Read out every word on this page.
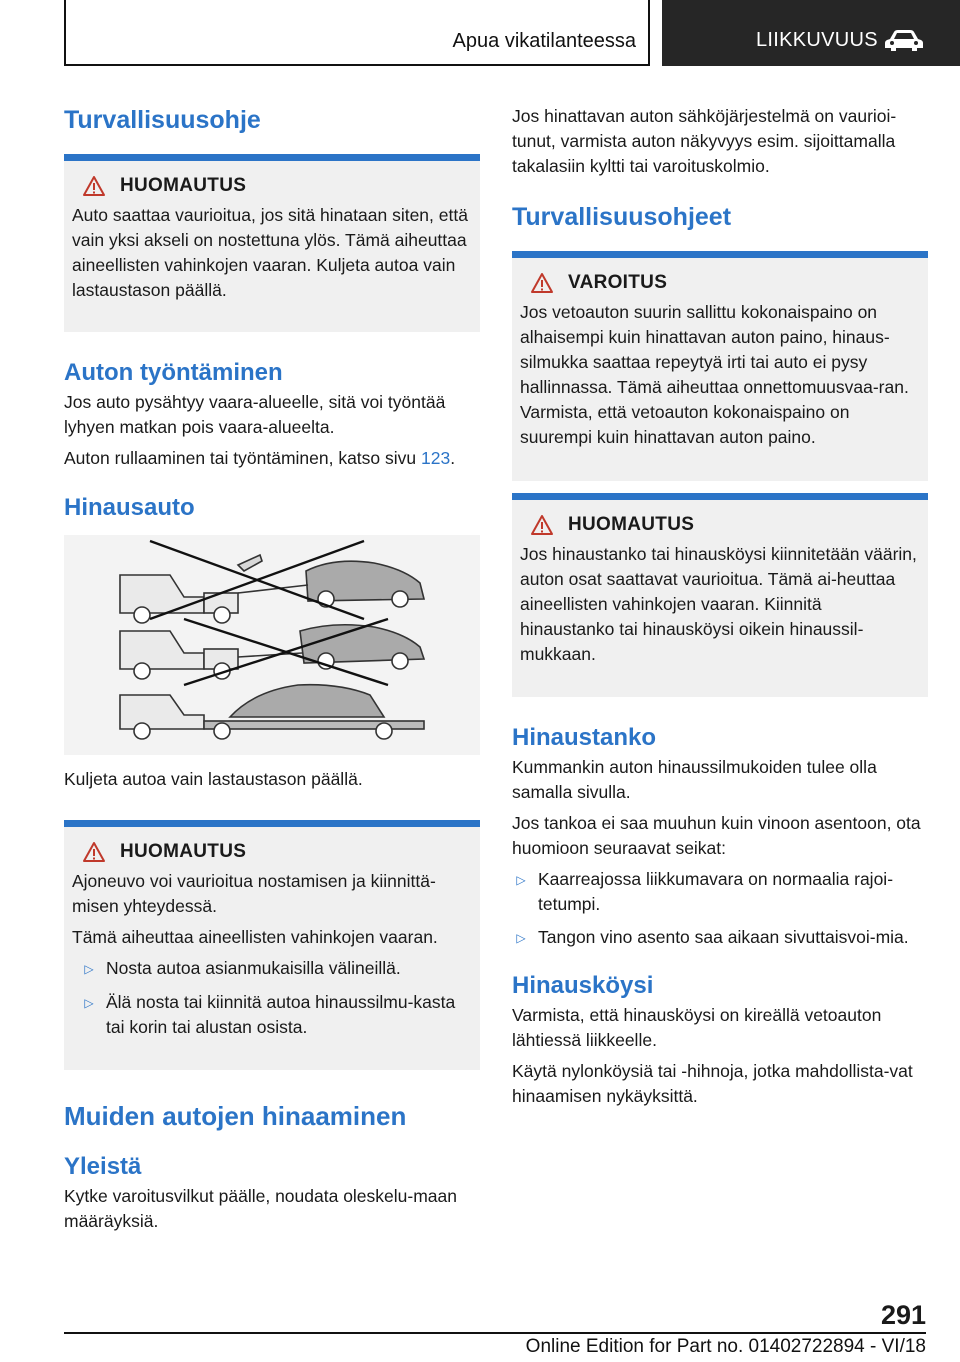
Apua vikatilanteessa	LIIKKUVUUS
Turvallisuusohje
HUOMAUTUS

Auto saattaa vaurioitua, jos sitä hinataan siten, että vain yksi akseli on nostettuna ylös. Tämä aiheuttaa aineellisten vahinkojen vaaran. Kuljeta autoa vain lastaustason päällä.

Auton työntäminen

Jos auto pysähtyy vaara-alueelle, sitä voi työntää lyhyen matkan pois vaara-alueelta.

Auton rullaaminen tai työntäminen, katso sivu 123.

Hinausauto

Kuljeta autoa vain lastaustason päällä.

HUOMAUTUS

Ajoneuvo voi vaurioitua nostamisen ja kiinnittä-misen yhteydessä.

Tämä aiheuttaa aineellisten vahinkojen vaaran.

▷ Nosta autoa asianmukaisilla välineillä.
▷ Älä nosta tai kiinnitä autoa hinaussilmu-kasta tai korin tai alustan osista.
Muiden autojen hinaaminen
Yleistä

Kytke varoitusvilkut päälle, noudata oleskelu-maan määräyksiä.

Jos hinattavan auton sähköjärjestelmä on vaurioi-tunut, varmista auton näkyvyys esim. sijoittamalla takalasiin kyltti tai varoituskolmio.

Turvallisuusohjeet
VAROITUS

Jos vetoauton suurin sallittu kokonaispaino on alhaisempi kuin hinattavan auton paino, hinaus-silmukka saattaa repeytyä irti tai auto ei pysy hallinnassa. Tämä aiheuttaa onnettomuusvaa-ran. Varmista, että vetoauton kokonaispaino on suurempi kuin hinattavan auton paino.

HUOMAUTUS

Jos hinaustanko tai hinausköysi kiinnitetään väärin, auton osat saattavat vaurioitua. Tämä ai-heuttaa aineellisten vahinkojen vaaran. Kiinnitä hinaustanko tai hinausköysi oikein hinaussil-mukkaan.

Hinaustanko

Kummankin auton hinaussilmukoiden tulee olla samalla sivulla.

Jos tankoa ei saa muuhun kuin vinoon asentoon, ota huomioon seuraavat seikat:

▷ Kaarreajossa liikkumavara on normaalia rajoi-tetumpi.
▷ Tangon vino asento saa aikaan sivuttaisvoi-mia.
Hinausköysi

Varmista, että hinausköysi on kireällä vetoauton lähtiessä liikkeelle.

Käytä nylonköysiä tai -hihnoja, jotka mahdollista-vat hinaamisen nykäyksittä.

291
Online Edition for Part no. 01402722894 - VI/18
